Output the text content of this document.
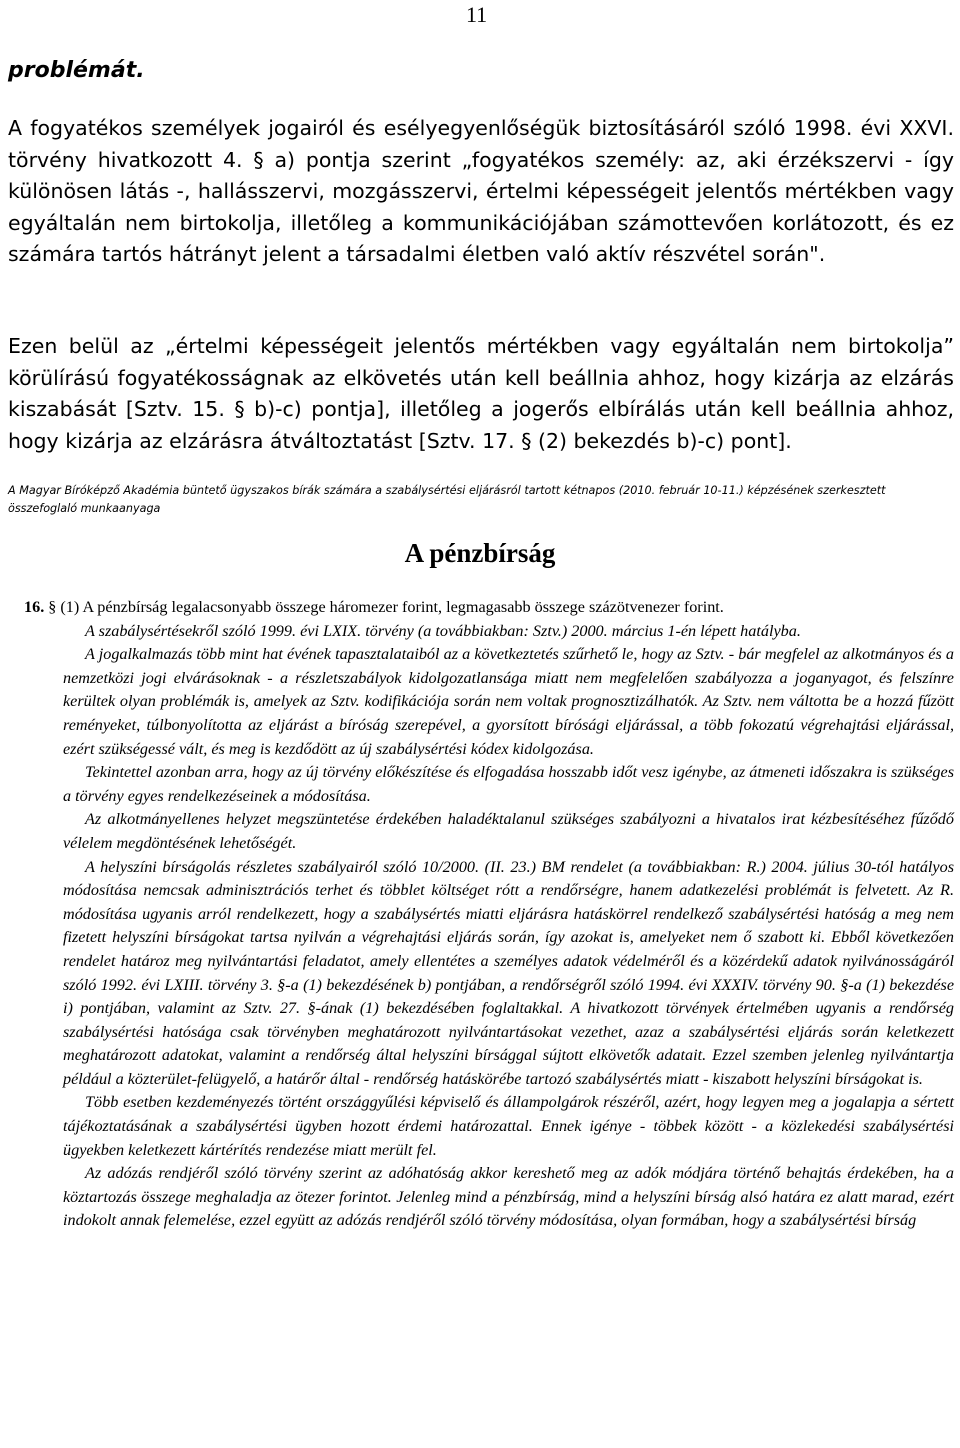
11
problémát.
A fogyatékos személyek jogairól és esélyegyenlőségük biztosításáról szóló 1998. évi XXVI. törvény hivatkozott 4. § a) pontja szerint „fogyatékos személy: az, aki érzékszervi - így különösen látás -, hallásszervi, mozgásszervi, értelmi képességeit jelentős mértékben vagy egyáltalán nem birtokolja, illetőleg a kommunikációjában számottevően korlátozott, és ez számára tartós hátrányt jelent a társadalmi életben való aktív részvétel során".
Ezen belül az „értelmi képességeit jelentős mértékben vagy egyáltalán nem birtokolja” körülírású fogyatékosságnak az elkövetés után kell beállnia ahhoz, hogy kizárja az elzárás kiszabását [Sztv. 15. § b)-c) pontja], illetőleg a jogerős elbírálás után kell beállnia ahhoz, hogy kizárja az elzárásra átváltoztatást [Sztv. 17. § (2) bekezdés b)-c) pont].
A Magyar Bíróképző Akadémia büntető ügyszakos bírák számára a szabálysértési eljárásról tartott kétnapos (2010. február 10-11.) képzésének szerkesztett összefoglaló munkaanyaga
A pénzbírság

16. § (1) A pénzbírság legalacsonyabb összege háromezer forint, legmagasabb összege százötvenezer forint.

A szabálysértésekről szóló 1999. évi LXIX. törvény (a továbbiakban: Sztv.) 2000. március 1-én lépett hatályba.

A jogalkalmazás több mint hat évének tapasztalataiból az a következtetés szűrhető le, hogy az Sztv. - bár megfelel az alkotmányos és a nemzetközi jogi elvárásoknak - a részletszabályok kidolgozatlansága miatt nem megfelelően szabályozza a joganyagot, és felszínre kerültek olyan problémák is, amelyek az Sztv. kodifikációja során nem voltak prognosztizálhatók. Az Sztv. nem váltotta be a hozzá fűzött reményeket, túlbonyolította az eljárást a bíróság szerepével, a gyorsított bírósági eljárással, a több fokozatú végrehajtási eljárással, ezért szükségessé vált, és meg is kezdődött az új szabálysértési kódex kidolgozása.

Tekintettel azonban arra, hogy az új törvény előkészítése és elfogadása hosszabb időt vesz igénybe, az átmeneti időszakra is szükséges a törvény egyes rendelkezéseinek a módosítása.

Az alkotmányellenes helyzet megszüntetése érdekében haladéktalanul szükséges szabályozni a hivatalos irat kézbesítéséhez fűződő vélelem megdöntésének lehetőségét.

A helyszíni bírságolás részletes szabályairól szóló 10/2000. (II. 23.) BM rendelet (a továbbiakban: R.) 2004. július 30-tól hatályos módosítása nemcsak adminisztrációs terhet és többlet költséget rótt a rendőrségre, hanem adatkezelési problémát is felvetett. Az R. módosítása ugyanis arról rendelkezett, hogy a szabálysértés miatti eljárásra hatáskörrel rendelkező szabálysértési hatóság a meg nem fizetett helyszíni bírságokat tartsa nyilván a végrehajtási eljárás során, így azokat is, amelyeket nem ő szabott ki. Ebből következően rendelet határoz meg nyilvántartási feladatot, amely ellentétes a személyes adatok védelméről és a közérdekű adatok nyilvánosságáról szóló 1992. évi LXIII. törvény 3. §-a (1) bekezdésének b) pontjában, a rendőrségről szóló 1994. évi XXXIV. törvény 90. §-a (1) bekezdése i) pontjában, valamint az Sztv. 27. §-ának (1) bekezdésében foglaltakkal. A hivatkozott törvények értelmében ugyanis a rendőrség szabálysértési hatósága csak törvényben meghatározott nyilvántartásokat vezethet, azaz a szabálysértési eljárás során keletkezett meghatározott adatokat, valamint a rendőrség által helyszíni bírsággal sújtott elkövetők adatait. Ezzel szemben jelenleg nyilvántartja például a közterület-felügyelő, a határőr által - rendőrség hatáskörébe tartozó szabálysértés miatt - kiszabott helyszíni bírságokat is.

Több esetben kezdeményezés történt országgyűlési képviselő és állampolgárok részéről, azért, hogy legyen meg a jogalapja a sértett tájékoztatásának a szabálysértési ügyben hozott érdemi határozattal. Ennek igénye - többek között - a közlekedési szabálysértési ügyekben keletkezett kártérítés rendezése miatt merült fel.

Az adózás rendjéről szóló törvény szerint az adóhatóság akkor kereshető meg az adók módjára történő behajtás érdekében, ha a köztartozás összege meghaladja az ötezer forintot. Jelenleg mind a pénzbírság, mind a helyszíni bírság alsó határa ez alatt marad, ezért indokolt annak felemelése, ezzel együtt az adózás rendjéről szóló törvény módosítása, olyan formában, hogy a szabálysértési bírság
